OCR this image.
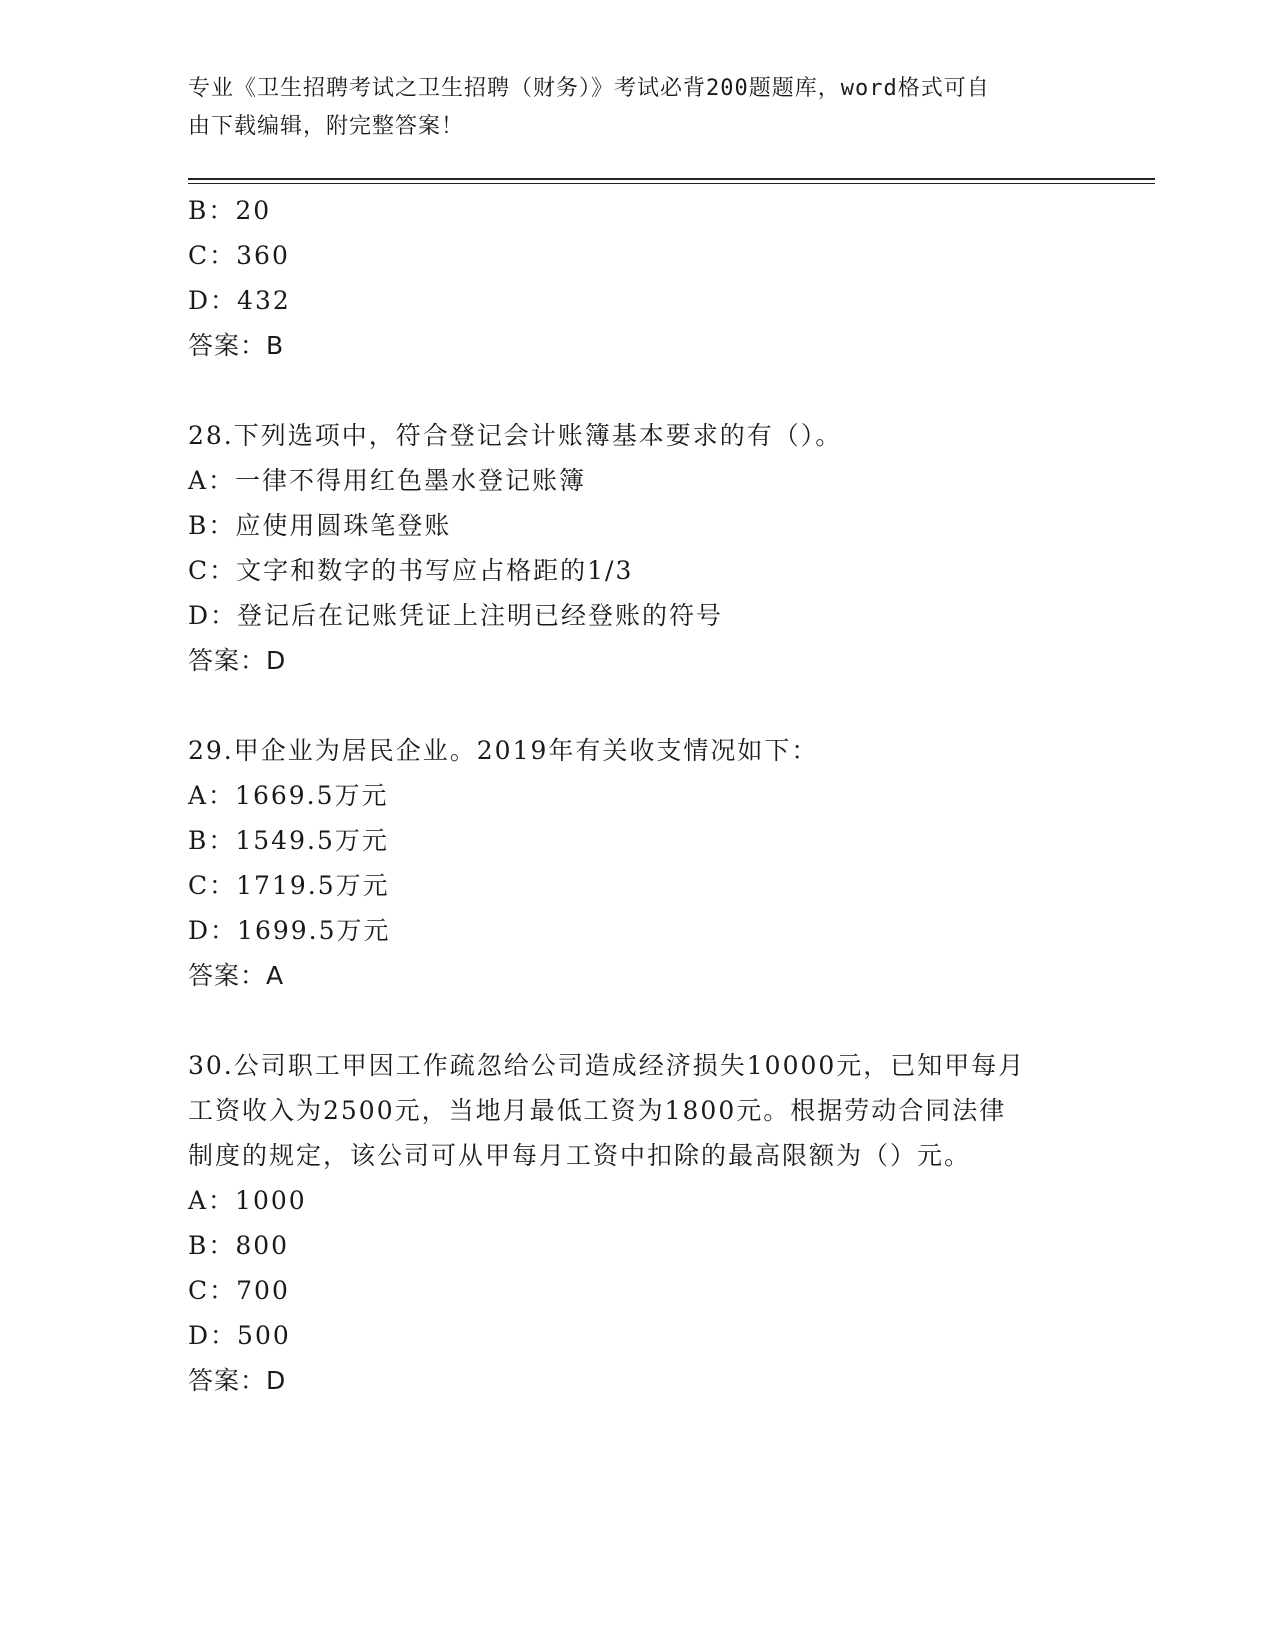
专业《卫生招聘考试之卫生招聘（财务）》考试必背200题题库，word格式可自
由下载编辑，附完整答案！
B：20
C：360
D：432
答案：B
28.下列选项中，符合登记会计账簿基本要求的有（）。
A：一律不得用红色墨水登记账簿
B：应使用圆珠笔登账
C：文字和数字的书写应占格距的1/3
D：登记后在记账凭证上注明已经登账的符号
答案：D
29.甲企业为居民企业。2019年有关收支情况如下：
A：1669.5万元
B：1549.5万元
C：1719.5万元
D：1699.5万元
答案：A
30.公司职工甲因工作疏忽给公司造成经济损失10000元，已知甲每月
工资收入为2500元，当地月最低工资为1800元。根据劳动合同法律
制度的规定，该公司可从甲每月工资中扣除的最高限额为（）元。
A：1000
B：800
C：700
D：500
答案：D
